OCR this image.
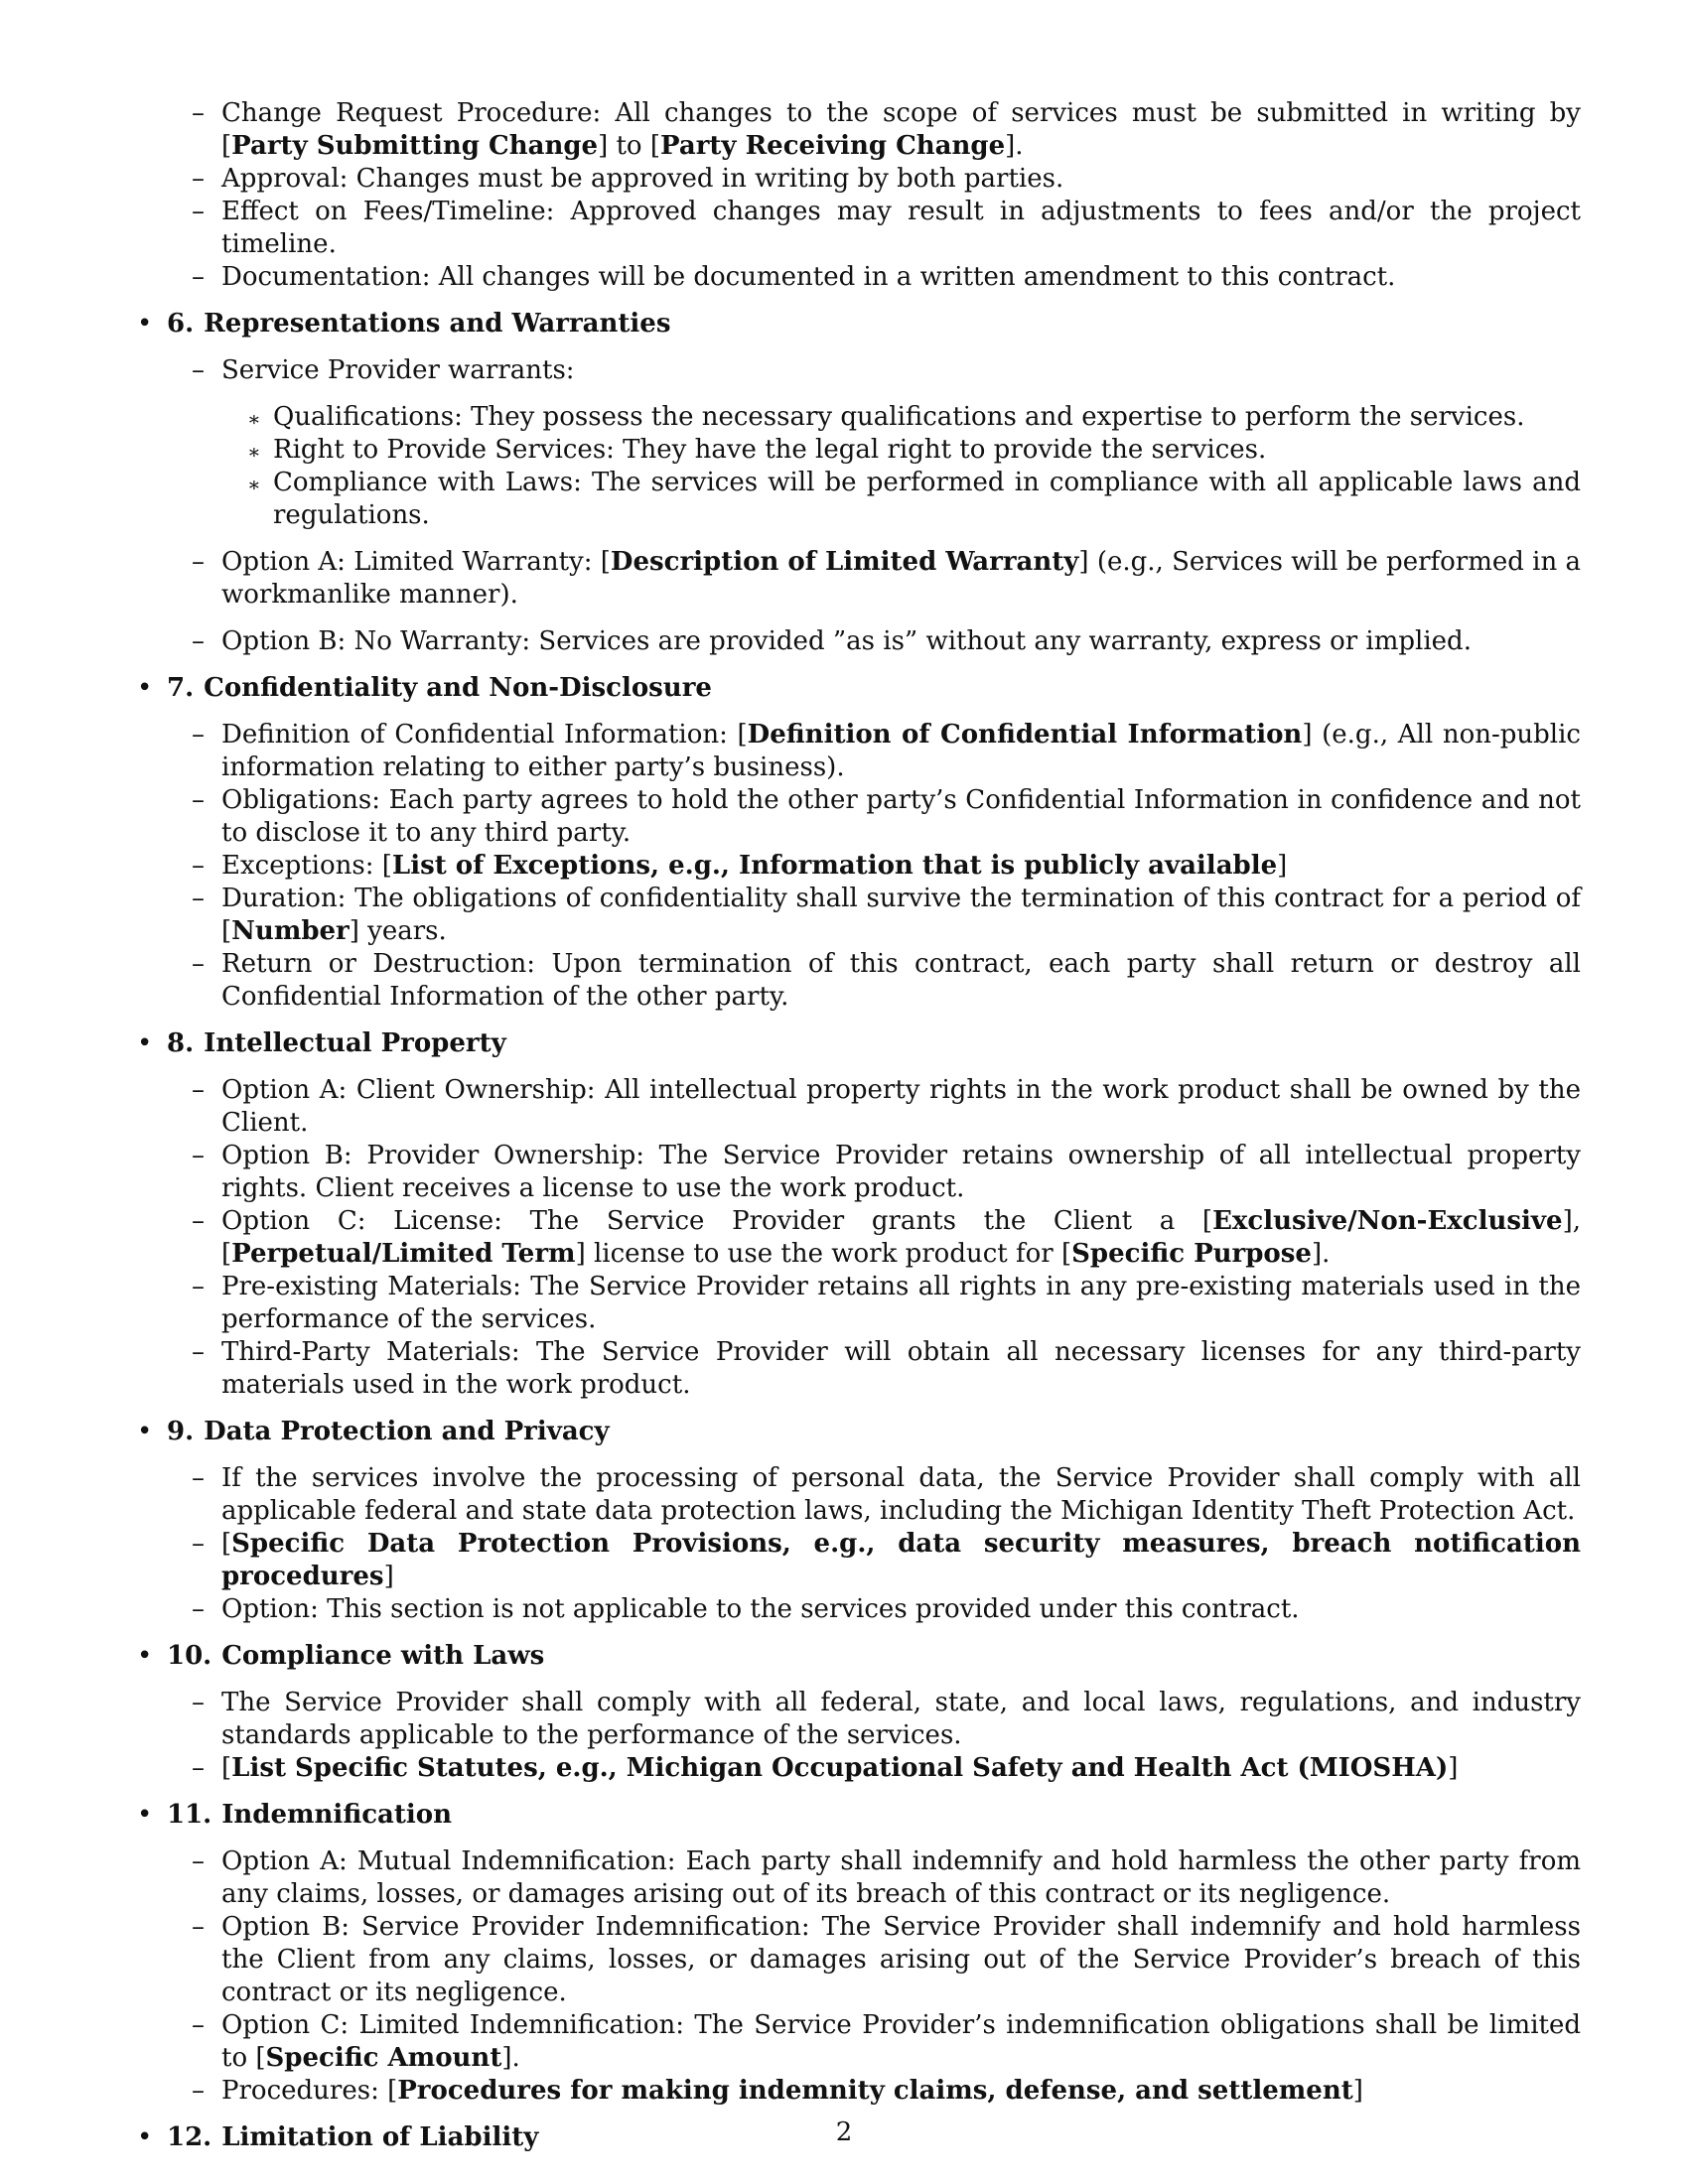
– Change Request Procedure: All changes to the scope of services must be submitted in writing by [Party Submitting Change] to [Party Receiving Change].
– Approval: Changes must be approved in writing by both parties.
– Effect on Fees/Timeline: Approved changes may result in adjustments to fees and/or the project timeline.
– Documentation: All changes will be documented in a written amendment to this contract.
• 6. Representations and Warranties
– Service Provider warrants:
∗ Qualifications: They possess the necessary qualifications and expertise to perform the services.
∗ Right to Provide Services: They have the legal right to provide the services.
∗ Compliance with Laws: The services will be performed in compliance with all applicable laws and regulations.
– Option A: Limited Warranty: [Description of Limited Warranty] (e.g., Services will be performed in a workmanlike manner).
– Option B: No Warranty: Services are provided ”as is” without any warranty, express or implied.
• 7. Confidentiality and Non-Disclosure
– Definition of Confidential Information: [Definition of Confidential Information] (e.g., All non-public information relating to either party’s business).
– Obligations: Each party agrees to hold the other party’s Confidential Information in confidence and not to disclose it to any third party.
– Exceptions: [List of Exceptions, e.g., Information that is publicly available]
– Duration: The obligations of confidentiality shall survive the termination of this contract for a period of [Number] years.
– Return or Destruction: Upon termination of this contract, each party shall return or destroy all Confidential Information of the other party.
• 8. Intellectual Property
– Option A: Client Ownership: All intellectual property rights in the work product shall be owned by the Client.
– Option B: Provider Ownership: The Service Provider retains ownership of all intellectual property rights. Client receives a license to use the work product.
– Option C: License: The Service Provider grants the Client a [Exclusive/Non-Exclusive], [Perpetual/Limited Term] license to use the work product for [Specific Purpose].
– Pre-existing Materials: The Service Provider retains all rights in any pre-existing materials used in the performance of the services.
– Third-Party Materials: The Service Provider will obtain all necessary licenses for any third-party materials used in the work product.
• 9. Data Protection and Privacy
– If the services involve the processing of personal data, the Service Provider shall comply with all applicable federal and state data protection laws, including the Michigan Identity Theft Protection Act.
– [Specific Data Protection Provisions, e.g., data security measures, breach notification procedures]
– Option: This section is not applicable to the services provided under this contract.
• 10. Compliance with Laws
– The Service Provider shall comply with all federal, state, and local laws, regulations, and industry standards applicable to the performance of the services.
– [List Specific Statutes, e.g., Michigan Occupational Safety and Health Act (MIOSHA)]
• 11. Indemnification
– Option A: Mutual Indemnification: Each party shall indemnify and hold harmless the other party from any claims, losses, or damages arising out of its breach of this contract or its negligence.
– Option B: Service Provider Indemnification: The Service Provider shall indemnify and hold harmless the Client from any claims, losses, or damages arising out of the Service Provider’s breach of this contract or its negligence.
– Option C: Limited Indemnification: The Service Provider’s indemnification obligations shall be limited to [Specific Amount].
– Procedures: [Procedures for making indemnity claims, defense, and settlement]
• 12. Limitation of Liability	2
